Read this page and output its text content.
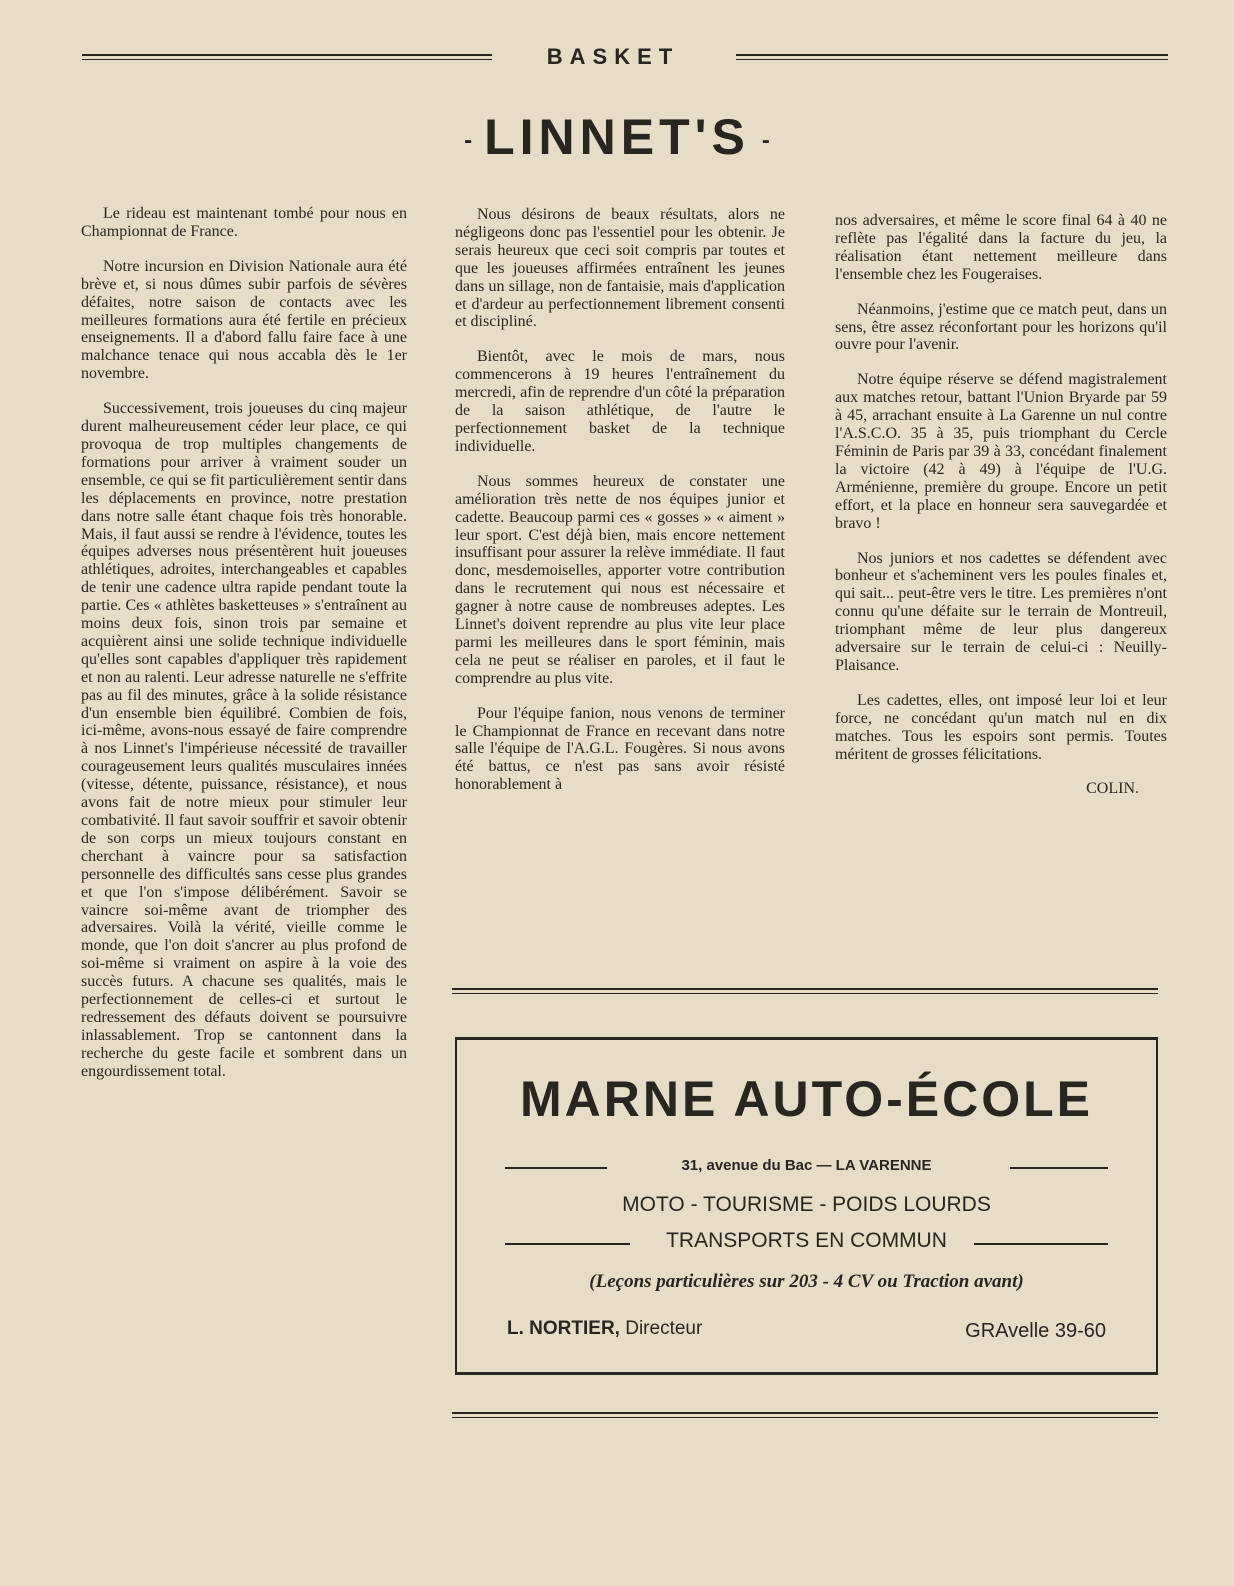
BASKET
- LINNET'S -

Le rideau est maintenant tombé pour nous en Championnat de France.

Notre incursion en Division Nationale aura été brève et, si nous dûmes subir parfois de sévères défaites, notre saison de contacts avec les meilleures formations aura été fertile en précieux enseignements. Il a d'abord fallu faire face à une malchance tenace qui nous accabla dès le 1er novembre.

Successivement, trois joueuses du cinq majeur durent malheureusement céder leur place, ce qui provoqua de trop multiples changements de formations pour arriver à vraiment souder un ensemble, ce qui se fit particulièrement sentir dans les déplacements en province, notre prestation dans notre salle étant chaque fois très honorable. Mais, il faut aussi se rendre à l'évidence, toutes les équipes adverses nous présentèrent huit joueuses athlétiques, adroites, interchangeables et capables de tenir une cadence ultra rapide pendant toute la partie. Ces « athlètes basketteuses » s'entraînent au moins deux fois, sinon trois par semaine et acquièrent ainsi une solide technique individuelle qu'elles sont capables d'appliquer très rapidement et non au ralenti. Leur adresse naturelle ne s'effrite pas au fil des minutes, grâce à la solide résistance d'un ensemble bien équilibré. Combien de fois, ici-même, avons-nous essayé de faire comprendre à nos Linnet's l'impérieuse nécessité de travailler courageusement leurs qualités musculaires innées (vitesse, détente, puissance, résistance), et nous avons fait de notre mieux pour stimuler leur combativité. Il faut savoir souffrir et savoir obtenir de son corps un mieux toujours constant en cherchant à vaincre pour sa satisfaction personnelle des difficultés sans cesse plus grandes et que l'on s'impose délibérément. Savoir se vaincre soi-même avant de triompher des adversaires. Voilà la vérité, vieille comme le monde, que l'on doit s'ancrer au plus profond de soi-même si vraiment on aspire à la voie des succès futurs. A chacune ses qualités, mais le perfectionnement de celles-ci et surtout le redressement des défauts doivent se poursuivre inlassablement. Trop se cantonnent dans la recherche du geste facile et sombrent dans un engourdissement total.

Nous désirons de beaux résultats, alors ne négligeons donc pas l'essentiel pour les obtenir. Je serais heureux que ceci soit compris par toutes et que les joueuses affirmées entraînent les jeunes dans un sillage, non de fantaisie, mais d'application et d'ardeur au perfectionnement librement consenti et discipliné.

Bientôt, avec le mois de mars, nous commencerons à 19 heures l'entraînement du mercredi, afin de reprendre d'un côté la préparation de la saison athlétique, de l'autre le perfectionnement basket de la technique individuelle.

Nous sommes heureux de constater une amélioration très nette de nos équipes junior et cadette. Beaucoup parmi ces « gosses » « aiment » leur sport. C'est déjà bien, mais encore nettement insuffisant pour assurer la relève immédiate. Il faut donc, mesdemoiselles, apporter votre contribution dans le recrutement qui nous est nécessaire et gagner à notre cause de nombreuses adeptes. Les Linnet's doivent reprendre au plus vite leur place parmi les meilleures dans le sport féminin, mais cela ne peut se réaliser en paroles, et il faut le comprendre au plus vite.

Pour l'équipe fanion, nous venons de terminer le Championnat de France en recevant dans notre salle l'équipe de l'A.G.L. Fougères. Si nous avons été battus, ce n'est pas sans avoir résisté honorablement à

nos adversaires, et même le score final 64 à 40 ne reflète pas l'égalité dans la facture du jeu, la réalisation étant nettement meilleure dans l'ensemble chez les Fougeraises.

Néanmoins, j'estime que ce match peut, dans un sens, être assez réconfortant pour les horizons qu'il ouvre pour l'avenir.

Notre équipe réserve se défend magistralement aux matches retour, battant l'Union Bryarde par 59 à 45, arrachant ensuite à La Garenne un nul contre l'A.S.C.O. 35 à 35, puis triomphant du Cercle Féminin de Paris par 39 à 33, concédant finalement la victoire (42 à 49) à l'équipe de l'U.G. Arménienne, première du groupe. Encore un petit effort, et la place en honneur sera sauvegardée et bravo !

Nos juniors et nos cadettes se défendent avec bonheur et s'acheminent vers les poules finales et, qui sait... peut-être vers le titre. Les premières n'ont connu qu'une défaite sur le terrain de Montreuil, triomphant même de leur plus dangereux adversaire sur le terrain de celui-ci : Neuilly-Plaisance.

Les cadettes, elles, ont imposé leur loi et leur force, ne concédant qu'un match nul en dix matches. Tous les espoirs sont permis. Toutes méritent de grosses félicitations.

COLIN.
MARNE AUTO-ÉCOLE
31, avenue du Bac — LA VARENNE
MOTO - TOURISME - POIDS LOURDS
TRANSPORTS EN COMMUN
(Leçons particulières sur 203 - 4 CV ou Traction avant)
L. NORTIER, Directeur	GRAvelle 39-60
